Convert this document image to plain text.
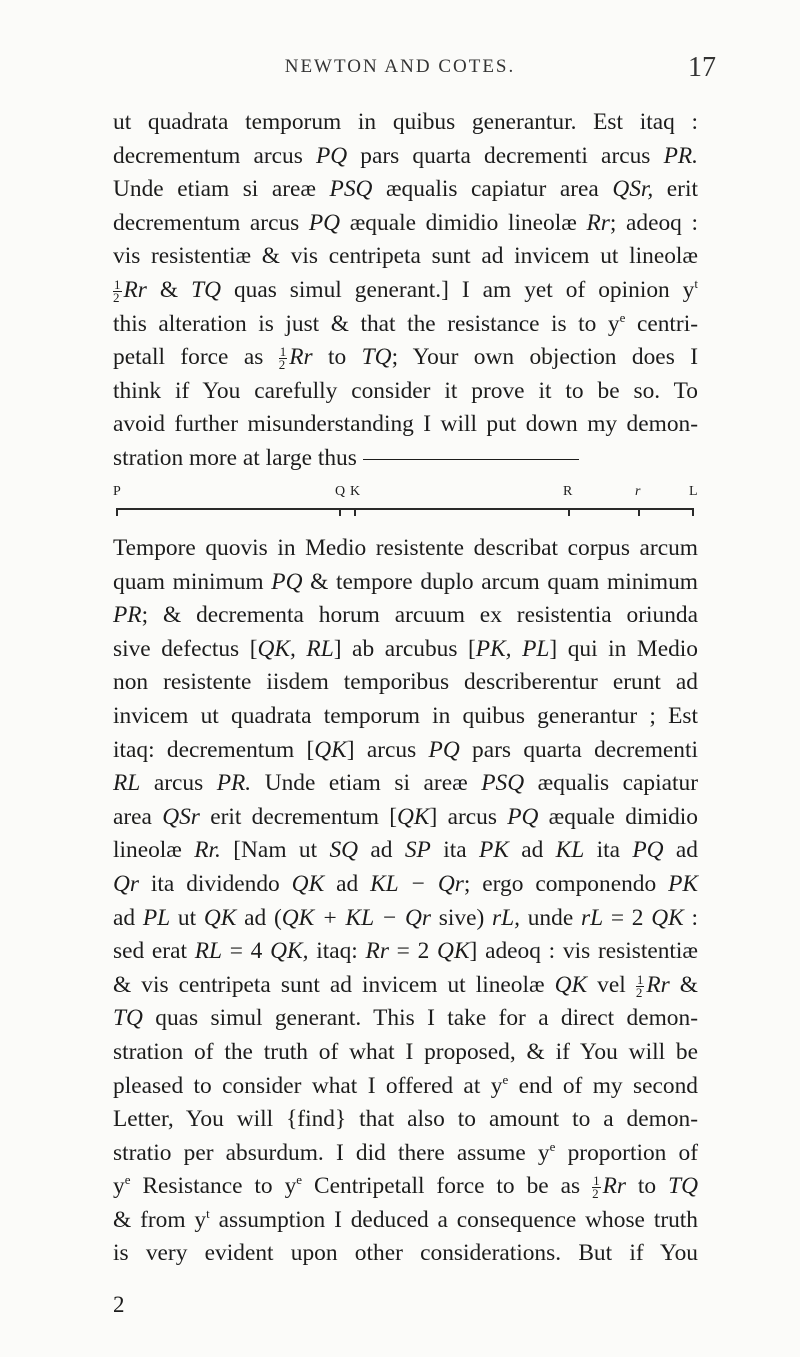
NEWTON AND COTES.	17
ut quadrata temporum in quibus generantur. Est itaq :
decrementum arcus PQ pars quarta decrementi arcus PR.
Unde etiam si areæ PSQ æqualis capiatur area QSr, erit
decrementum arcus PQ æquale dimidio lineolæ Rr; adeoq :
vis resistentiæ & vis centripeta sunt ad invicem ut lineolæ
$\frac{1}{2}$ Rr & TQ quas simul generant.] I am yet of opinion $y^t$
this alteration is just & that the resistance is to $y^e$ centri-
petall force as $\frac{1}{2}$ Rr to TQ; Your own objection does I
think if You carefully consider it prove it to be so. To
avoid further misunderstanding I will put down my demon-
stration more at large thus
P	Q K	R	r	L
Tempore quovis in Medio resistente describat corpus arcum
quam minimum PQ & tempore duplo arcum quam minimum
PR; & decrementa horum arcuum ex resistentia oriunda
sive defectus [QK, RL] ab arcubus [PK, PL] qui in Medio
non resistente iisdem temporibus describerentur erunt ad
invicem ut quadrata temporum in quibus generantur ; Est
itaq: decrementum [QK] arcus PQ pars quarta decrementi
RL arcus PR. Unde etiam si areæ PSQ æqualis capiatur
area QSr erit decrementum [QK] arcus PQ æquale dimidio
lineolæ Rr. [Nam ut SQ ad SP ita PK ad KL ita PQ ad
Qr ita dividendo QK ad KL − Qr; ergo componendo PK
ad PL ut QK ad (QK + KL − Qr sive) rL, unde rL = 2 QK :
sed erat RL = 4 QK, itaq: Rr = 2 QK] adeoq : vis resistentiæ
& vis centripeta sunt ad invicem ut lineolæ QK vel $\frac{1}{2}$ Rr &
TQ quas simul generant. This I take for a direct demon-
stration of the truth of what I proposed, & if You will be
pleased to consider what I offered at $y^e$ end of my second
Letter, You will {find} that also to amount to a demon-
stratio per absurdum. I did there assume $y^e$ proportion of
$y^e$ Resistance to $y^e$ Centripetall force to be as $\frac{1}{2}$ Rr to TQ
& from $y^t$ assumption I deduced a consequence whose truth
is very evident upon other considerations. But if You
2
